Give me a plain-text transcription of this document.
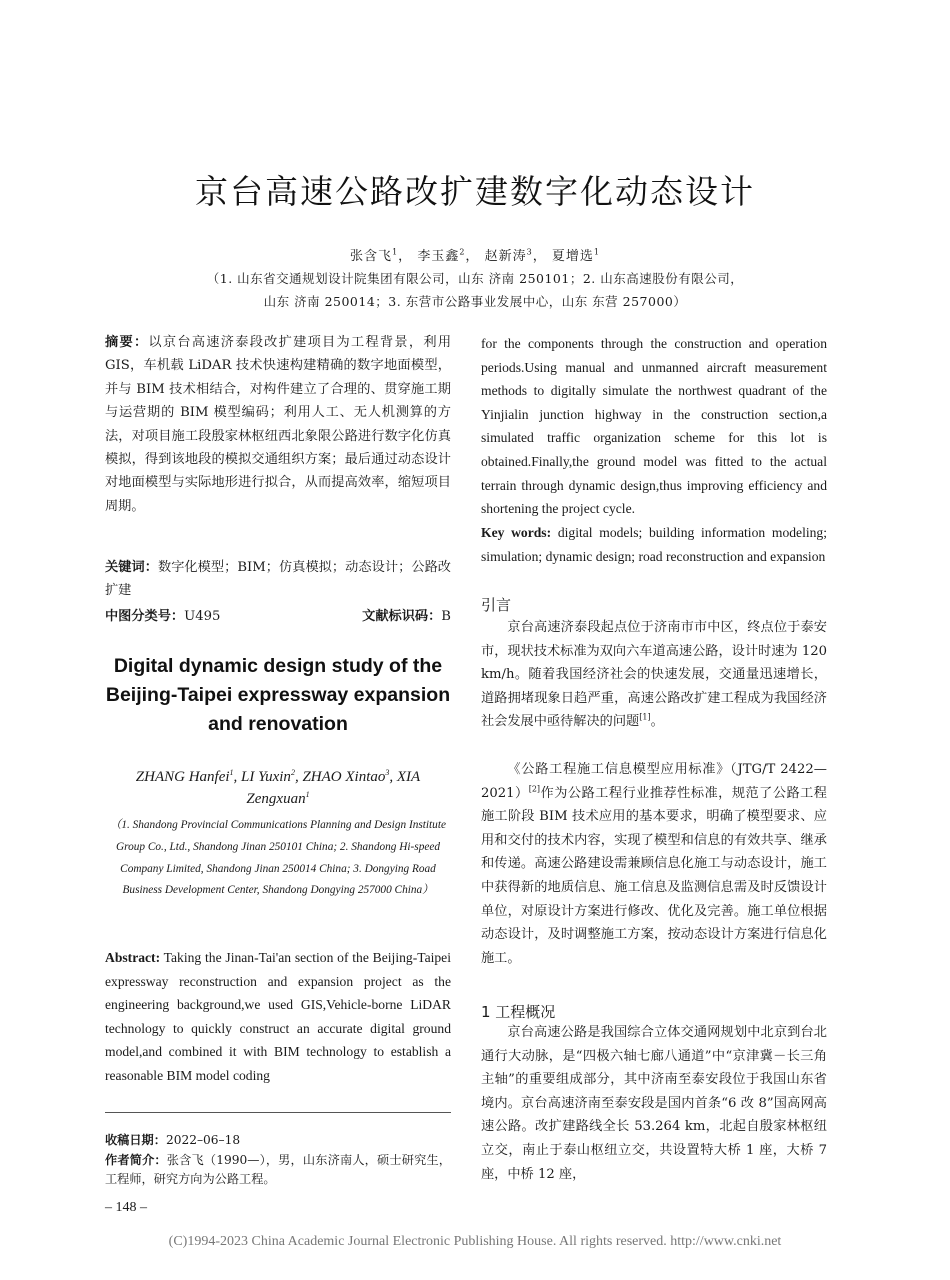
京台高速公路改扩建数字化动态设计
张含飞$^1$， 李玉鑫$^2$， 赵新涛$^3$， 夏增选$^1$
（1. 山东省交通规划设计院集团有限公司，山东 济南 250101；2. 山东高速股份有限公司，
山东 济南 250014；3. 东营市公路事业发展中心，山东 东营 257000）
摘要：以京台高速济泰段改扩建项目为工程背景，利用 GIS，车机载 LiDAR 技术快速构建精确的数字地面模型，并与 BIM 技术相结合，对构件建立了合理的、贯穿施工期与运营期的 BIM 模型编码；利用人工、无人机测算的方法，对项目施工段殷家林枢纽西北象限公路进行数字化仿真模拟，得到该地段的模拟交通组织方案；最后通过动态设计对地面模型与实际地形进行拟合，从而提高效率，缩短项目周期。
关键词：数字化模型；BIM；仿真模拟；动态设计；公路改扩建
中图分类号：U495	文献标识码：B
Digital dynamic design study of the Beijing-Taipei expressway expansion and renovation
ZHANG Hanfei$^1$, LI Yuxin$^2$, ZHAO Xintao$^3$, XIA Zengxuan$^1$
（1. Shandong Provincial Communications Planning and Design Institute Group Co., Ltd., Shandong Jinan 250101 China; 2. Shandong Hi-speed Company Limited, Shandong Jinan 250014 China; 3. Dongying Road Business Development Center, Shandong Dongying 257000 China）
Abstract: Taking the Jinan-Tai'an section of the Beijing-Taipei expressway reconstruction and expansion project as the engineering background,we used GIS,Vehicle-borne LiDAR technology to quickly construct an accurate digital ground model,and combined it with BIM technology to establish a reasonable BIM model coding
收稿日期：2022–06–18
作者简介：张含飞（1990—），男，山东济南人，硕士研究生，工程师，研究方向为公路工程。
– 148 –
for the components through the construction and operation periods.Using manual and unmanned aircraft measurement methods to digitally simulate the northwest quadrant of the Yinjialin junction highway in the construction section,a simulated traffic organization scheme for this lot is obtained.Finally,the ground model was fitted to the actual terrain through dynamic design,thus improving efficiency and shortening the project cycle.
Key words: digital models; building information modeling; simulation; dynamic design; road reconstruction and expansion
引言
京台高速济泰段起点位于济南市市中区，终点位于泰安市，现状技术标准为双向六车道高速公路，设计时速为 120 km/h。随着我国经济社会的快速发展，交通量迅速增长，道路拥堵现象日趋严重，高速公路改扩建工程成为我国经济社会发展中亟待解决的问题[1]。
《公路工程施工信息模型应用标准》（JTG/T 2422—2021）[2]作为公路工程行业推荐性标准，规范了公路工程施工阶段 BIM 技术应用的基本要求，明确了模型要求、应用和交付的技术内容，实现了模型和信息的有效共享、继承和传递。高速公路建设需兼顾信息化施工与动态设计，施工中获得新的地质信息、施工信息及监测信息需及时反馈设计单位，对原设计方案进行修改、优化及完善。施工单位根据动态设计，及时调整施工方案，按动态设计方案进行信息化施工。
1 工程概况
京台高速公路是我国综合立体交通网规划中北京到台北通行大动脉，是“四极六轴七廊八通道”中“京津冀－长三角主轴”的重要组成部分，其中济南至泰安段位于我国山东省境内。京台高速济南至泰安段是国内首条“6 改 8”国高网高速公路。改扩建路线全长 53.264 km，北起自殷家林枢纽立交，南止于泰山枢纽立交，共设置特大桥 1 座，大桥 7 座，中桥 12 座，
(C)1994-2023 China Academic Journal Electronic Publishing House. All rights reserved. http://www.cnki.net
